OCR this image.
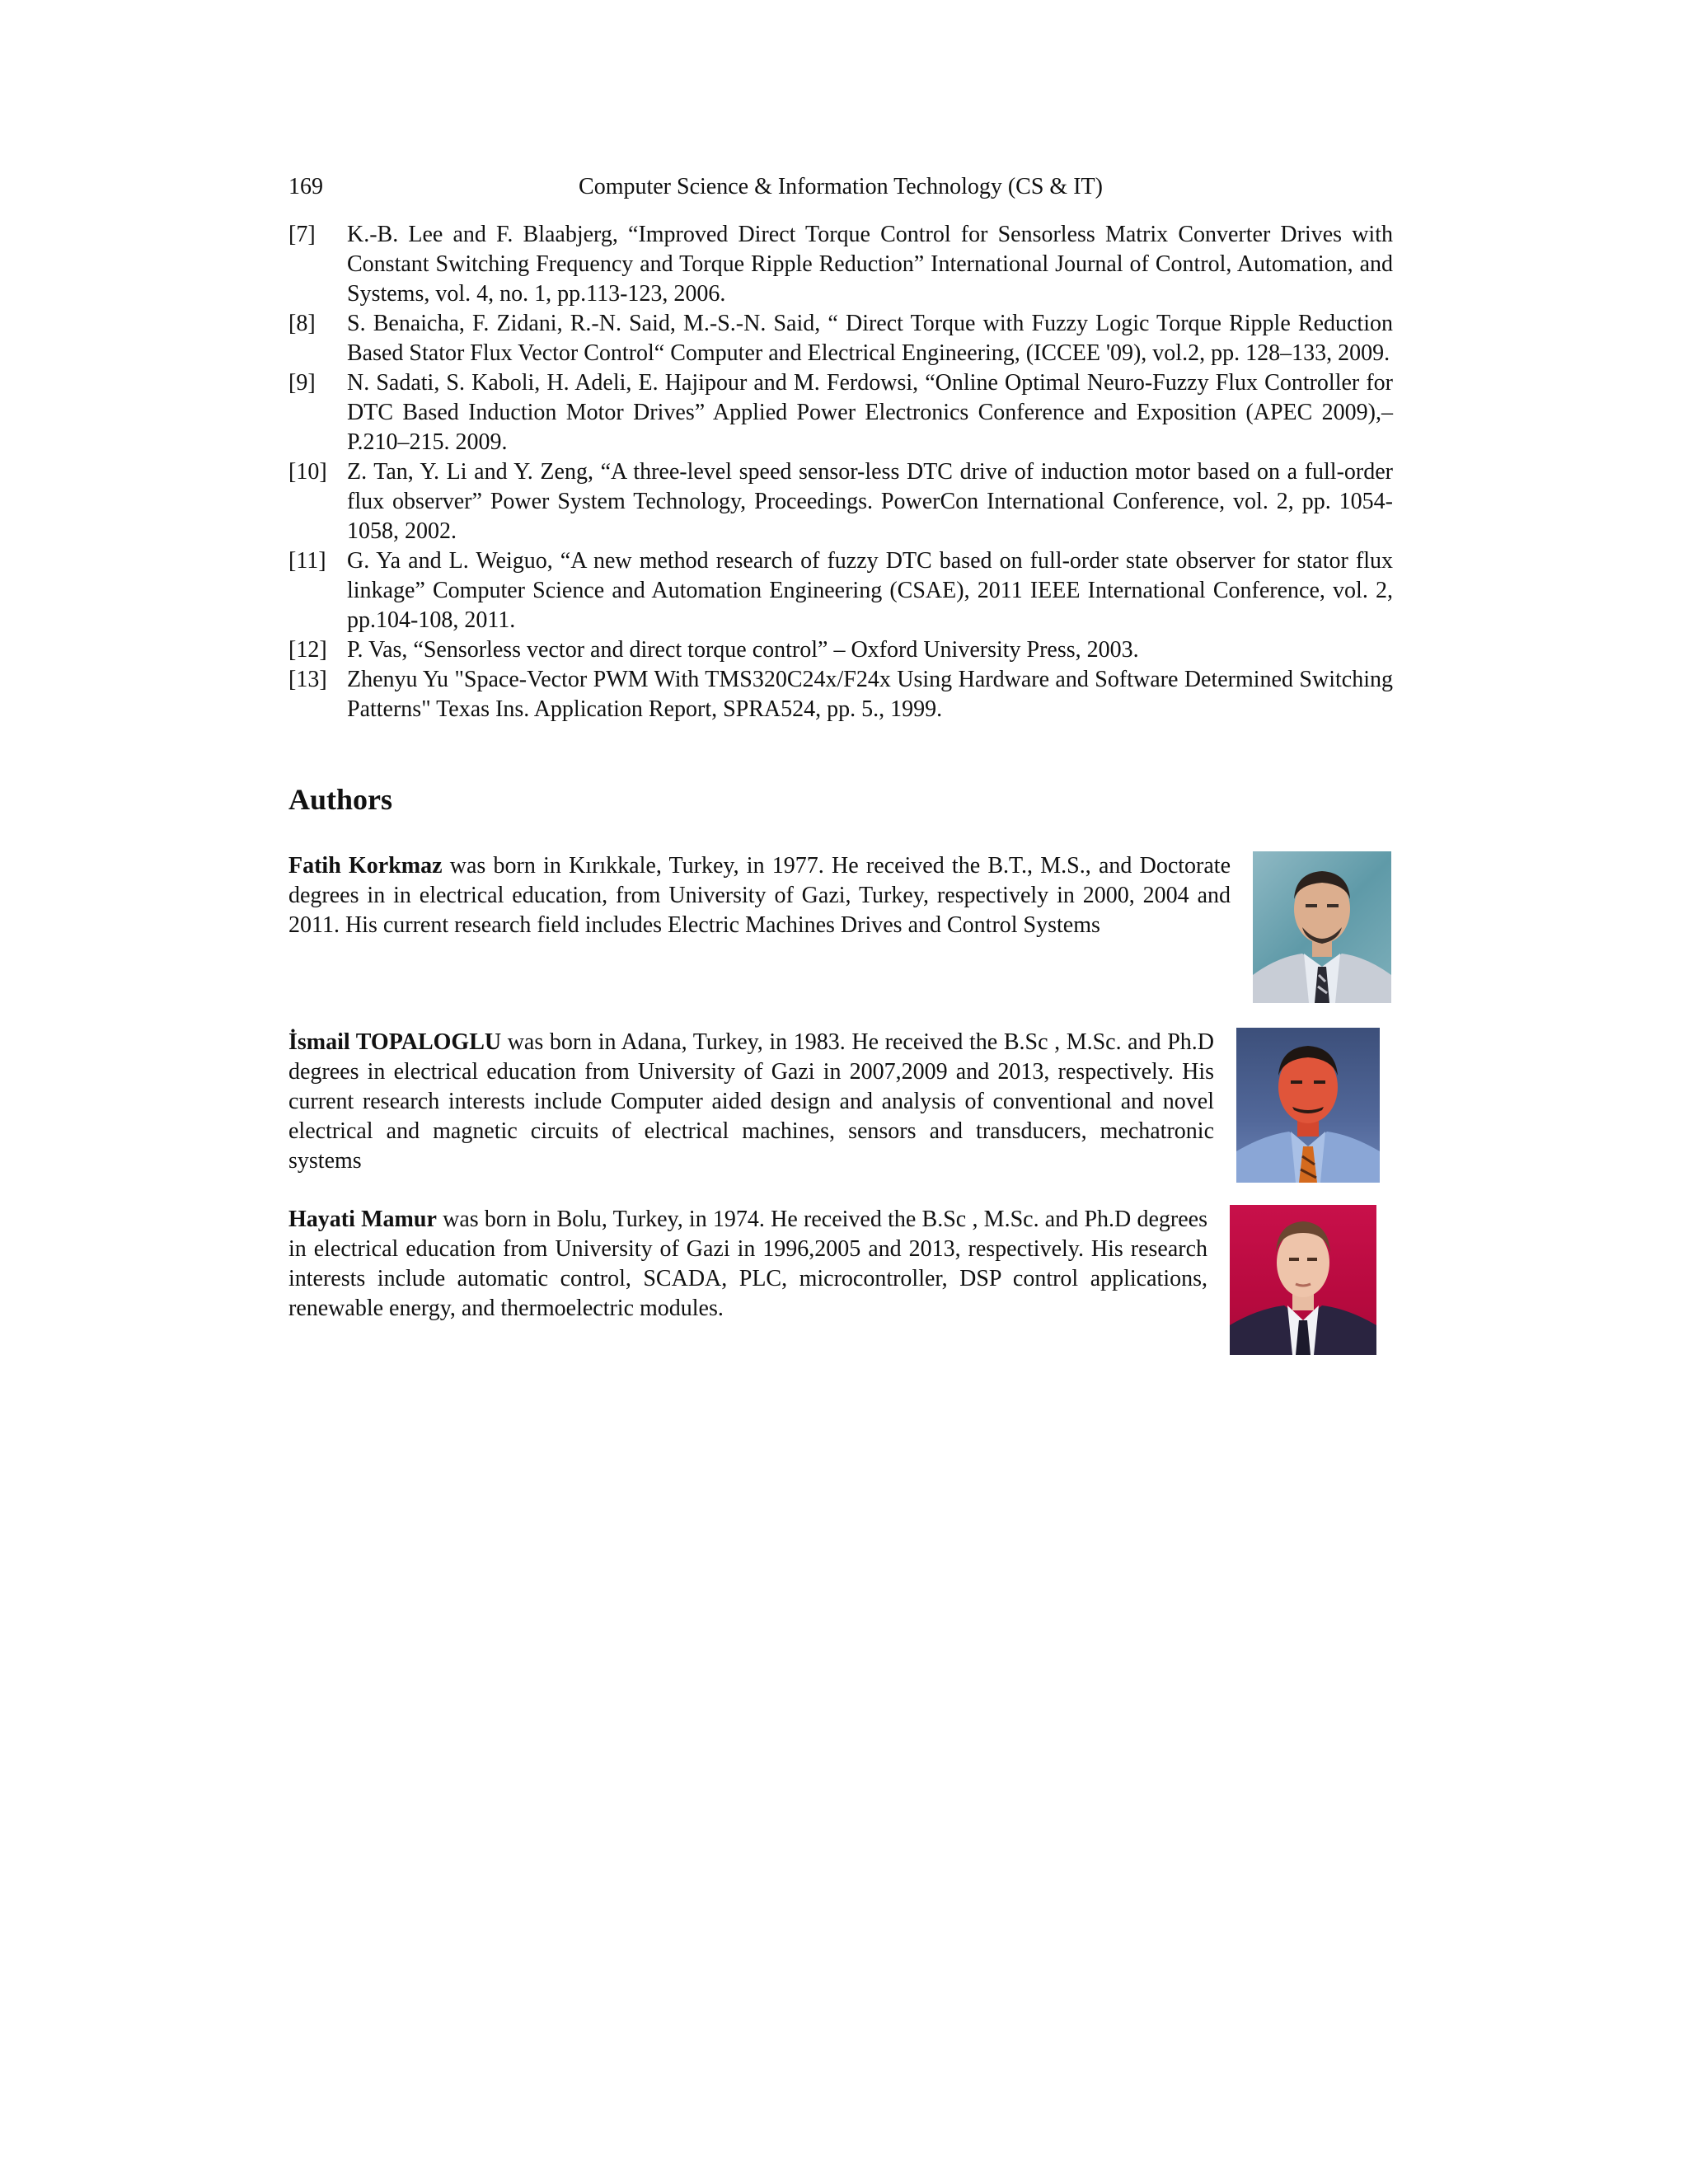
169	Computer Science & Information Technology (CS & IT)
[7]	K.-B. Lee and F. Blaabjerg, “Improved Direct Torque Control for Sensorless Matrix Converter Drives with Constant Switching Frequency and Torque Ripple Reduction” International Journal of Control, Automation, and Systems, vol. 4, no. 1, pp.113-123, 2006.
[8]	S. Benaicha, F. Zidani, R.-N. Said, M.-S.-N. Said, “ Direct Torque with Fuzzy Logic Torque Ripple Reduction Based Stator Flux Vector Control“ Computer and Electrical Engineering, (ICCEE '09), vol.2, pp. 128–133, 2009.
[9]	N. Sadati, S. Kaboli, H. Adeli, E. Hajipour and M. Ferdowsi, “Online Optimal Neuro-Fuzzy Flux Controller for DTC Based Induction Motor Drives” Applied Power Electronics Conference and Exposition (APEC 2009),– P.210–215. 2009.
[10] Z. Tan, Y. Li and Y. Zeng, “A three-level speed sensor-less DTC drive of induction motor based on a full-order flux observer” Power System Technology, Proceedings. PowerCon International Conference, vol. 2, pp. 1054- 1058, 2002.
[11] G. Ya and L. Weiguo, “A new method research of fuzzy DTC based on full-order state observer for stator flux linkage” Computer Science and Automation Engineering (CSAE), 2011 IEEE International Conference, vol. 2, pp.104-108, 2011.
[12] P. Vas, “Sensorless vector and direct torque control” – Oxford University Press, 2003.
[13] Zhenyu Yu "Space-Vector PWM With TMS320C24x/F24x Using Hardware and Software Determined Switching Patterns" Texas Ins. Application Report, SPRA524, pp. 5., 1999.
Authors

Fatih Korkmaz was born in Kırıkkale, Turkey, in 1977. He received the B.T., M.S., and Doctorate degrees in in electrical education, from University of Gazi, Turkey, respectively in 2000, 2004 and 2011. His current research field includes Electric Machines Drives and Control Systems

İsmail TOPALOGLU was born in Adana, Turkey, in 1983. He received the B.Sc , M.Sc. and Ph.D degrees in electrical education from University of Gazi in 2007,2009 and 2013, respectively. His current research interests include Computer aided design and analysis of conventional and novel electrical and magnetic circuits of electrical machines, sensors and transducers, mechatronic systems

Hayati Mamur was born in Bolu, Turkey, in 1974. He received the B.Sc , M.Sc. and Ph.D degrees in electrical education from University of Gazi in 1996,2005 and 2013, respectively. His research interests include automatic control, SCADA, PLC, microcontroller, DSP control applications, renewable energy, and thermoelectric modules.
